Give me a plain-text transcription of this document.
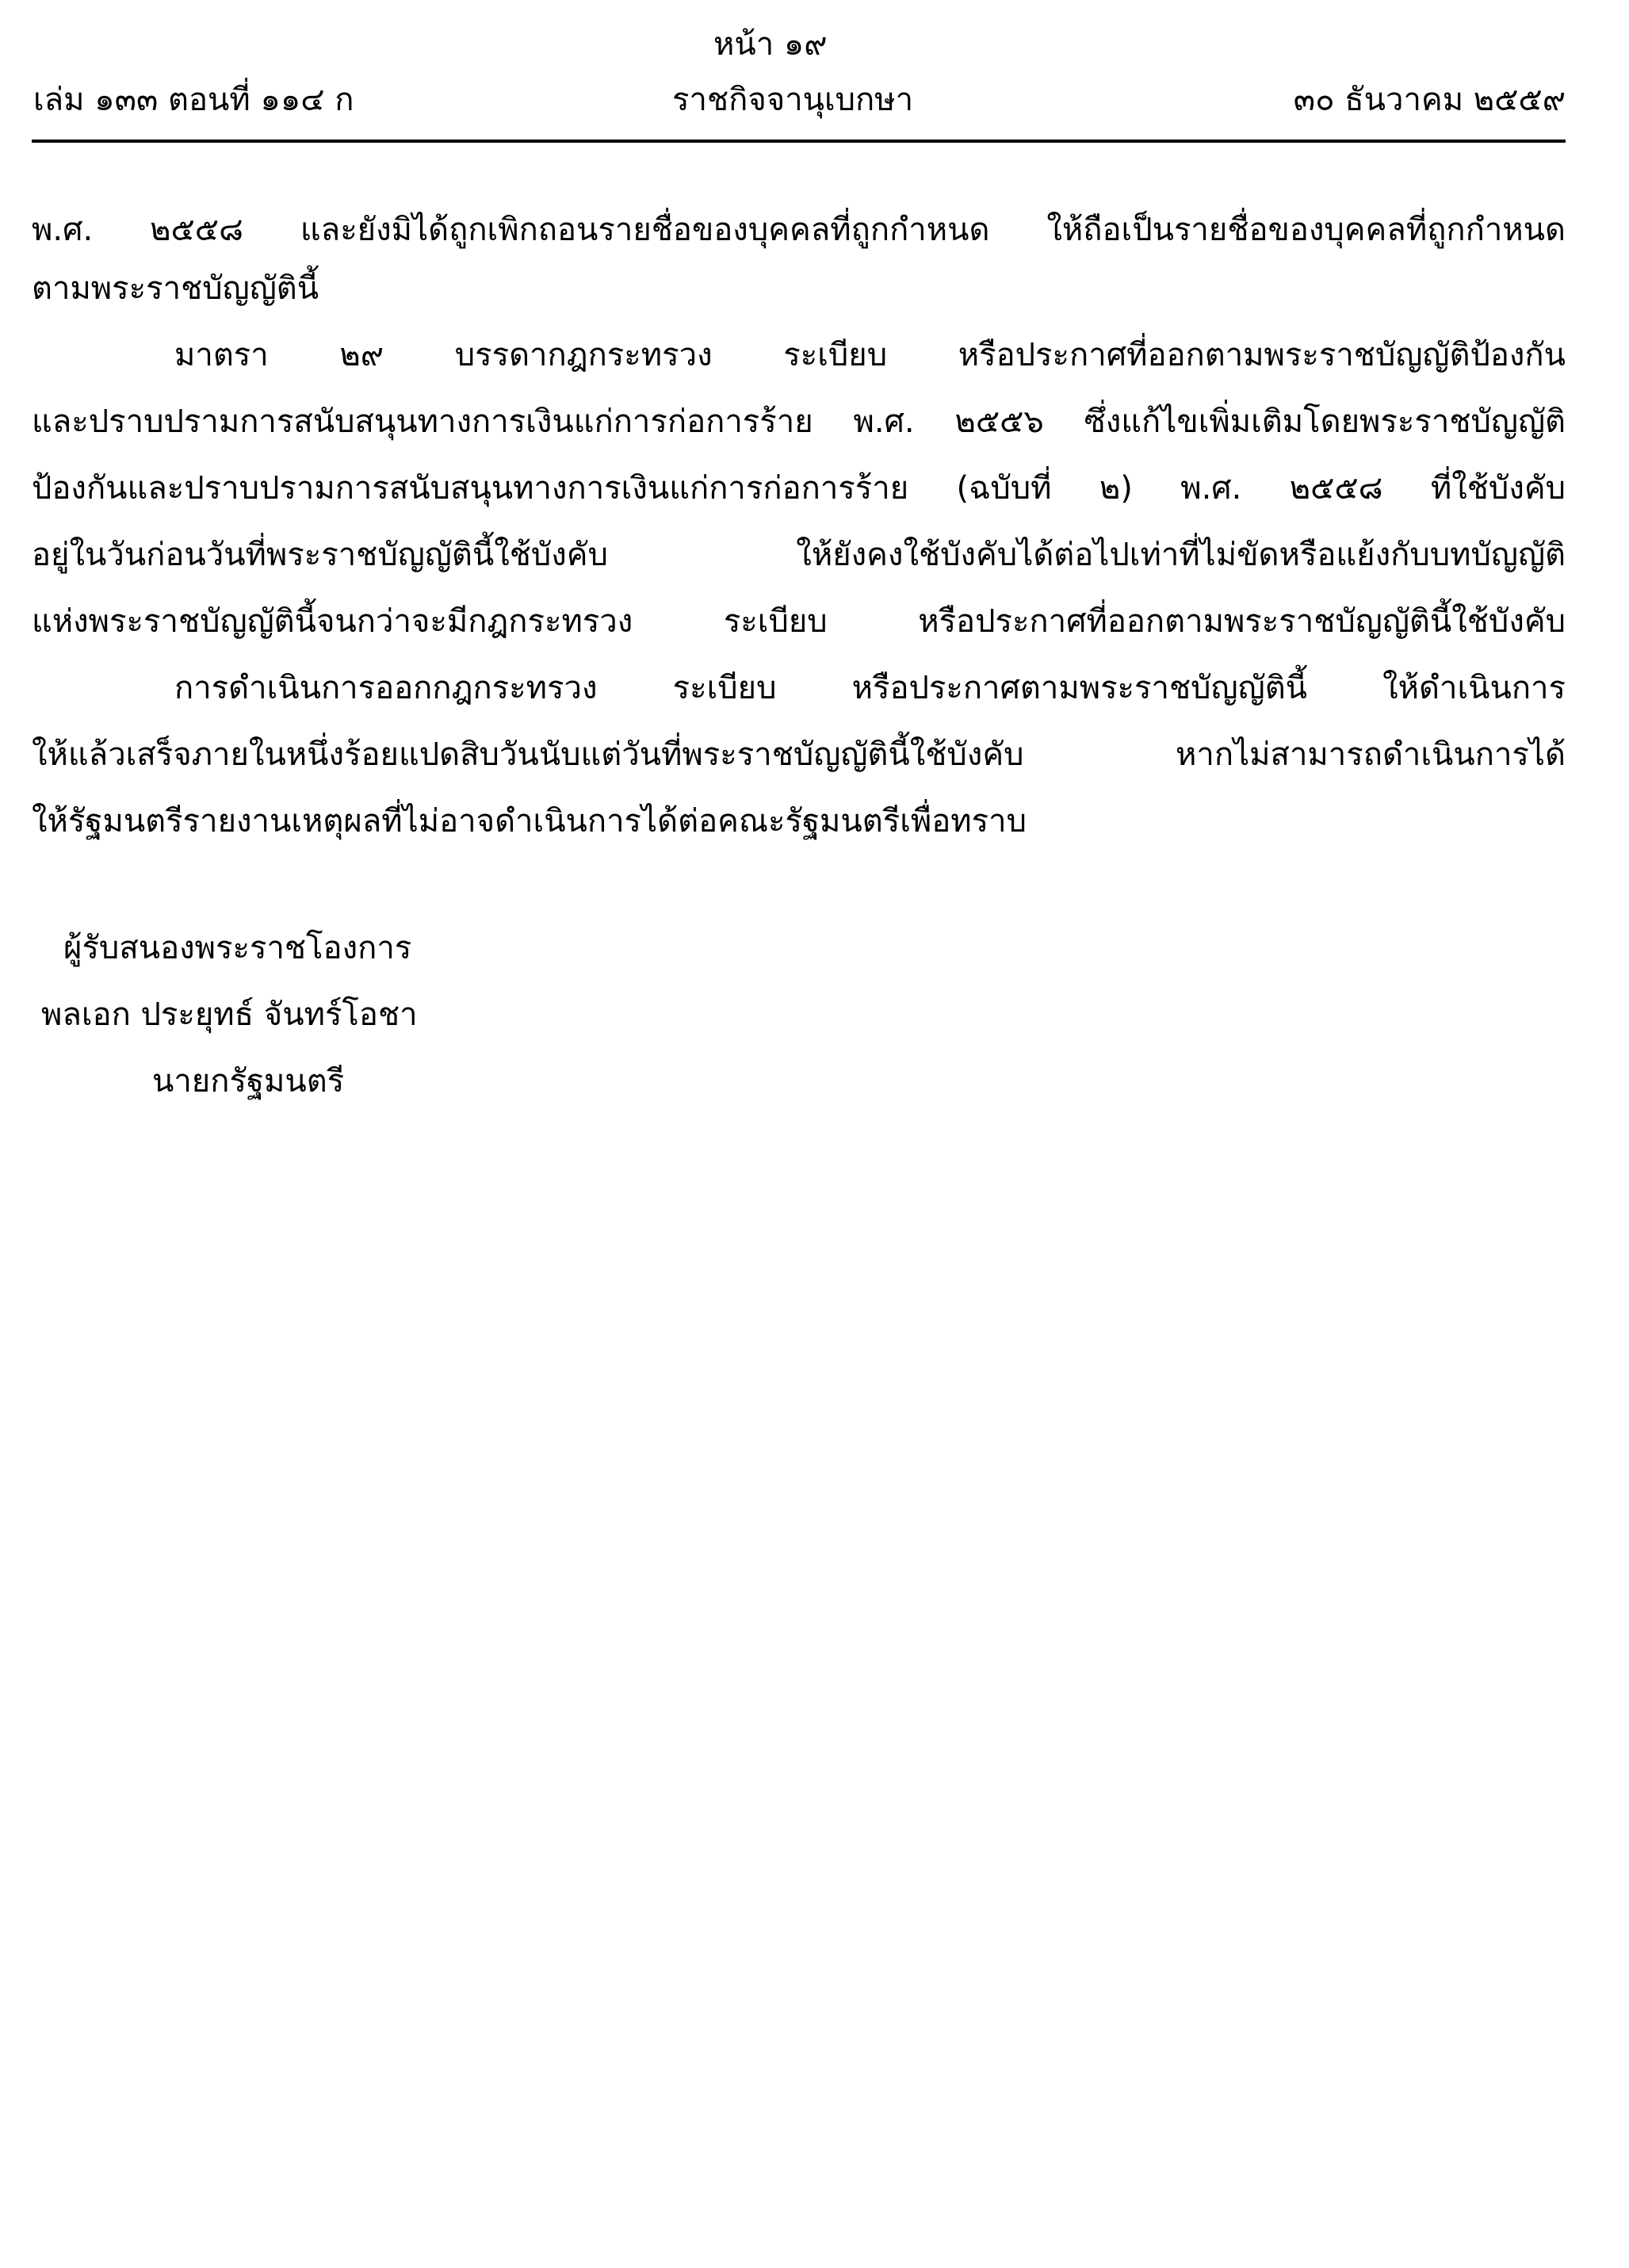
หน้า ๑๙
เล่ม ๑๓๓ ตอนที่ ๑๑๔ ก	ราชกิจจานุเบกษา	๓๐ ธันวาคม ๒๕๕๙
พ.ศ. ๒๕๕๘ และยังมิได้ถูกเพิกถอนรายชื่อของบุคคลที่ถูกกำหนด ให้ถือเป็นรายชื่อของบุคคลที่ถูกกำหนด
ตามพระราชบัญญัตินี้
มาตรา ๒๙ บรรดากฎกระทรวง ระเบียบ หรือประกาศที่ออกตามพระราชบัญญัติป้องกัน
และปราบปรามการสนับสนุนทางการเงินแก่การก่อการร้าย พ.ศ. ๒๕๕๖ ซึ่งแก้ไขเพิ่มเติมโดยพระราชบัญญัติ
ป้องกันและปราบปรามการสนับสนุนทางการเงินแก่การก่อการร้าย (ฉบับที่ ๒) พ.ศ. ๒๕๕๘ ที่ใช้บังคับ
อยู่ในวันก่อนวันที่พระราชบัญญัตินี้ใช้บังคับ ให้ยังคงใช้บังคับได้ต่อไปเท่าที่ไม่ขัดหรือแย้งกับบทบัญญัติ
แห่งพระราชบัญญัตินี้จนกว่าจะมีกฎกระทรวง ระเบียบ หรือประกาศที่ออกตามพระราชบัญญัตินี้ใช้บังคับ
การดำเนินการออกกฎกระทรวง ระเบียบ หรือประกาศตามพระราชบัญญัตินี้ ให้ดำเนินการ
ให้แล้วเสร็จภายในหนึ่งร้อยแปดสิบวันนับแต่วันที่พระราชบัญญัตินี้ใช้บังคับ หากไม่สามารถดำเนินการได้
ให้รัฐมนตรีรายงานเหตุผลที่ไม่อาจดำเนินการได้ต่อคณะรัฐมนตรีเพื่อทราบ
ผู้รับสนองพระราชโองการ
พลเอก ประยุทธ์ จันทร์โอชา
นายกรัฐมนตรี
